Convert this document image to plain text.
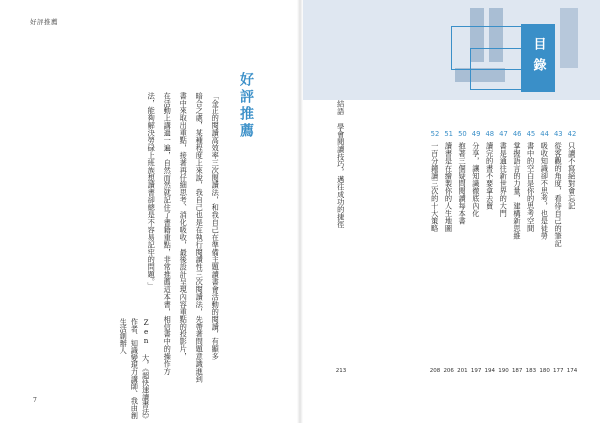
好評推薦
好評推薦
「金正的閱讀高效率三次閱讀法，和我自己在準備主題讀書會活動的閱讀，有顯多
暗合之處，某種程度上來說，我自己也是在執行閱讀性三次閱讀法，先帶著問題意識進到
書中來取出重點，接著再仔細思考、消化吸收，最後設計呈現內容重點的投影片，
在活動上講過一遍，自然而然就記住了書籍重點，非常推薦這本書，相信書中的操作方
法，能夠解決勞碌上班族想讀書卻總是不容易記牢的問題。」
Zen 大，《超快速讀書法》作者、知識變現力講師、我由創生活創辦人
7
目錄
42
只讀不寫絕對會忘記
174
43
從客觀的角度，看待自己的筆記
177
44
吸收知識卻不思考，也是徒勞
180
45
書中的空白是你的思考空間
183
46
掌握語言的力量，建構新思維
187
47
書是通往新世界的大門
190
48
讀完的書不要拿去賣
194
49
分享，讓知識徹底內化
197
50
抱著三個疑問閱讀每本書
201
51
讀書是在繪製你的人生地圖
206
52
一百分鐘讀三次的十大策略
208
結語
學會閱讀技巧，邁往成功的捷徑
213
